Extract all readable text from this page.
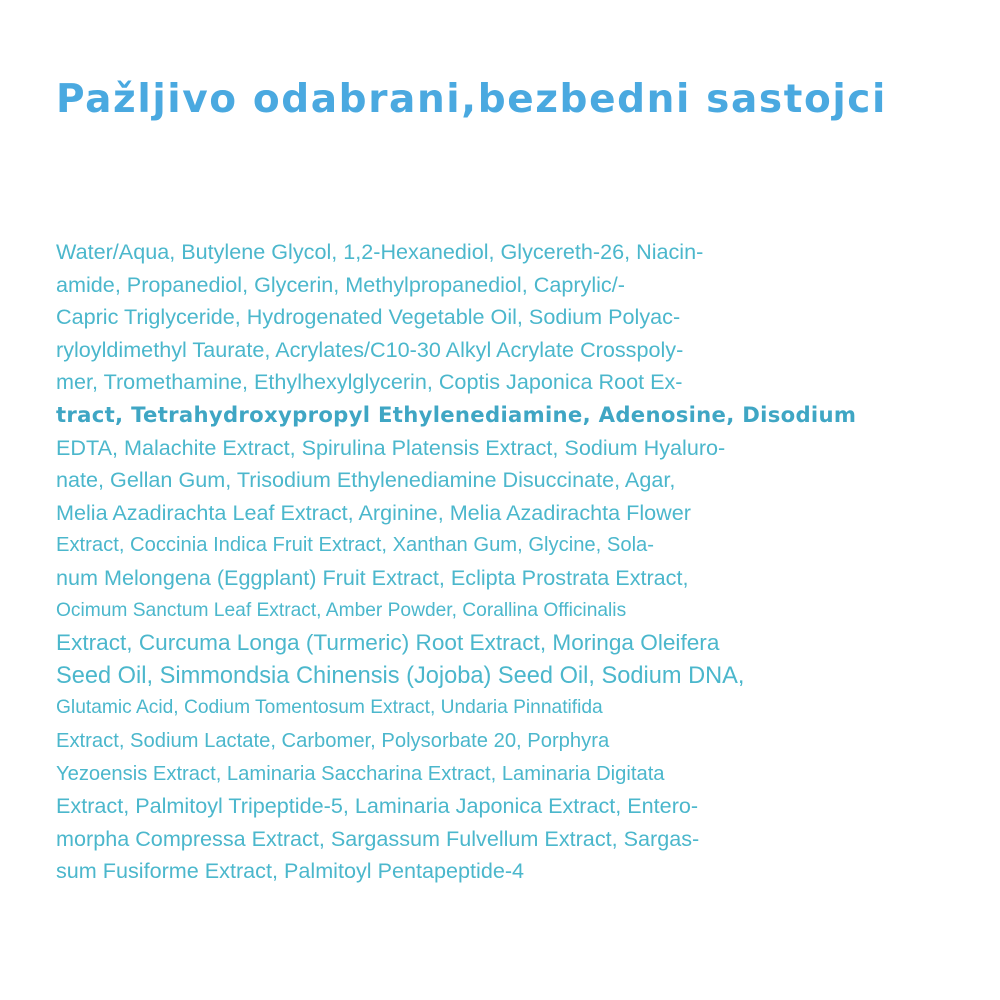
Pažljivo odabrani,bezbedni sastojci
Water/Aqua, Butylene Glycol, 1,2-Hexanediol, Glycereth-26, Niacin-
amide, Propanediol, Glycerin, Methylpropanediol, Caprylic/-
Capric Triglyceride, Hydrogenated Vegetable Oil, Sodium Polyac-
ryloyldimethyl Taurate, Acrylates/C10-30 Alkyl Acrylate Crosspoly-
mer, Tromethamine, Ethylhexylglycerin, Coptis Japonica Root Ex-
tract, Tetrahydroxypropyl Ethylenediamine, Adenosine, Disodium
EDTA, Malachite Extract, Spirulina Platensis Extract, Sodium Hyaluro-
nate, Gellan Gum, Trisodium Ethylenediamine Disuccinate, Agar,
Melia Azadirachta Leaf Extract, Arginine, Melia Azadirachta Flower
Extract, Coccinia Indica Fruit Extract, Xanthan Gum, Glycine, Sola-
num Melongena (Eggplant) Fruit Extract, Eclipta Prostrata Extract,
Ocimum Sanctum Leaf Extract, Amber Powder, Corallina Officinalis
Extract, Curcuma Longa (Turmeric) Root Extract, Moringa Oleifera
Seed Oil, Simmondsia Chinensis (Jojoba) Seed Oil, Sodium DNA,
Glutamic Acid, Codium Tomentosum Extract, Undaria Pinnatifida
Extract, Sodium Lactate, Carbomer, Polysorbate 20, Porphyra
Yezoensis Extract, Laminaria Saccharina Extract, Laminaria Digitata
Extract, Palmitoyl Tripeptide-5, Laminaria Japonica Extract, Entero-
morpha Compressa Extract, Sargassum Fulvellum Extract, Sargas-
sum Fusiforme Extract, Palmitoyl Pentapeptide-4
